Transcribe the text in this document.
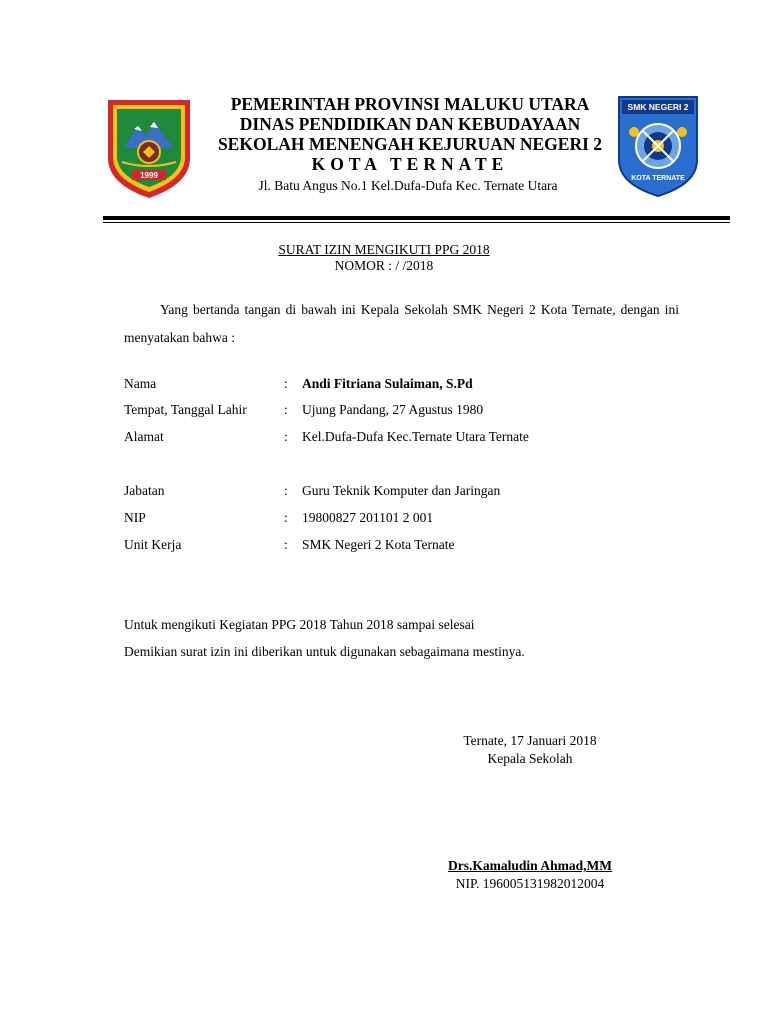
1999
PEMERINTAH PROVINSI MALUKU UTARA
DINAS PENDIDIKAN DAN KEBUDAYAAN
SEKOLAH MENENGAH KEJURUAN NEGERI 2
KOTA TERNATE
Jl. Batu Angus No.1 Kel.Dufa-Dufa Kec. Ternate Utara
SMK NEGERI 2
KOTA TERNATE
SURAT IZIN MENGIKUTI PPG 2018
NOMOR : / /2018
Yang bertanda tangan di bawah ini Kepala Sekolah SMK Negeri 2 Kota Ternate, dengan ini menyatakan bahwa :
Nama	: Andi Fitriana Sulaiman, S.Pd
Tempat, Tanggal Lahir	: Ujung Pandang, 27 Agustus 1980
Alamat	: Kel.Dufa-Dufa Kec.Ternate Utara Ternate
Jabatan	: Guru Teknik Komputer dan Jaringan
NIP	: 19800827 201101 2 001
Unit Kerja	: SMK Negeri 2 Kota Ternate
Untuk mengikuti Kegiatan PPG 2018 Tahun 2018 sampai selesai
Demikian surat izin ini diberikan untuk digunakan sebagaimana mestinya.
Ternate, 17 Januari 2018
Kepala Sekolah
Drs.Kamaludin Ahmad,MM
NIP. 196005131982012004
